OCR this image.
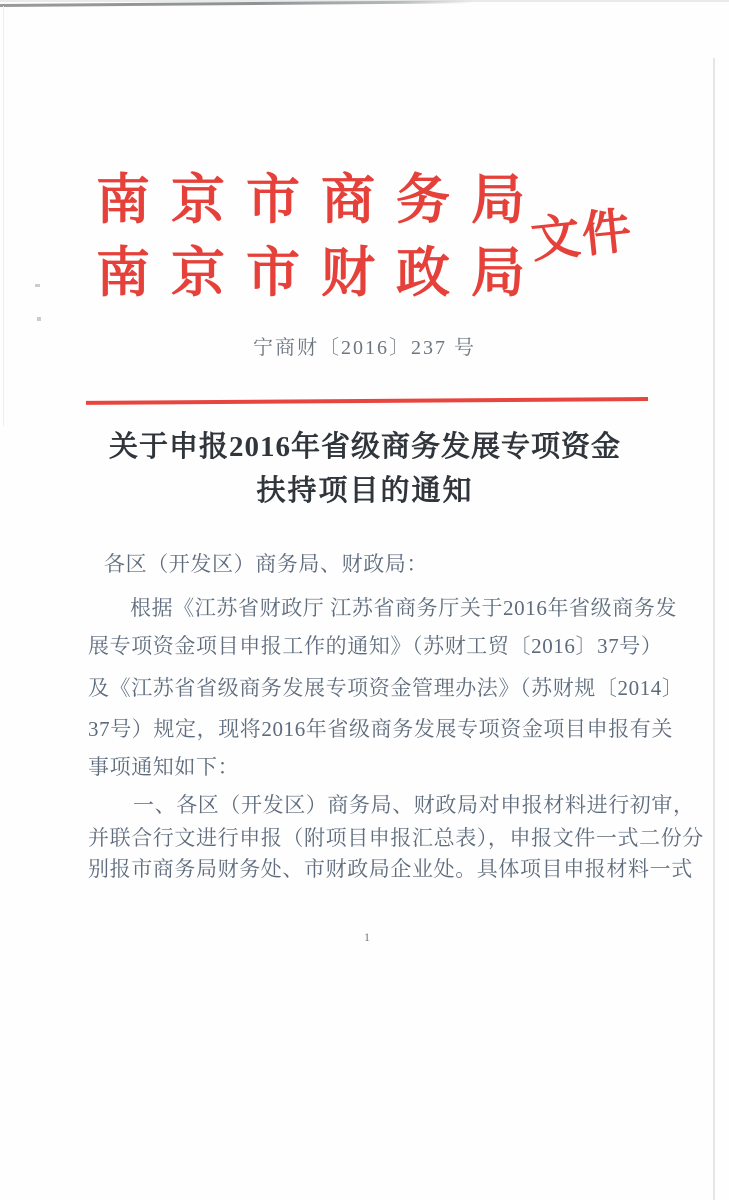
南京市商务局
南京市财政局
文件
宁商财〔2016〕237 号
关于申报2016年省级商务发展专项资金
扶持项目的通知
各区（开发区）商务局、财政局：
根据《江苏省财政厅 江苏省商务厅关于2016年省级商务发
展专项资金项目申报工作的通知》（苏财工贸〔2016〕37号）
及《江苏省省级商务发展专项资金管理办法》（苏财规〔2014〕
37号）规定，现将2016年省级商务发展专项资金项目申报有关
事项通知如下：
一、各区（开发区）商务局、财政局对申报材料进行初审，
并联合行文进行申报（附项目申报汇总表），申报文件一式二份分
别报市商务局财务处、市财政局企业处。具体项目申报材料一式
1
